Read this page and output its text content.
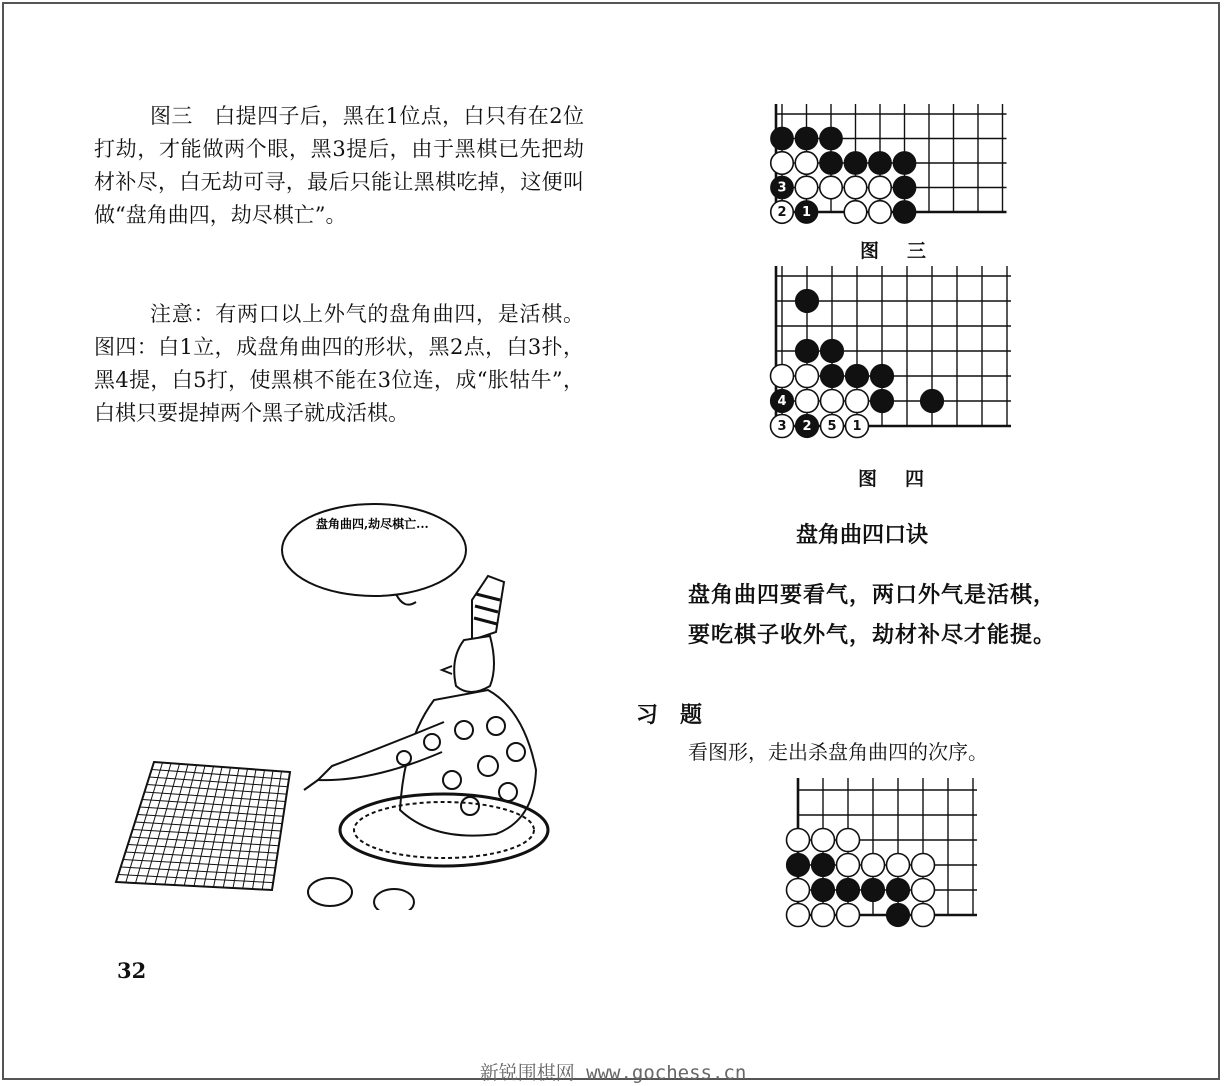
图三　白提四子后，黑在1位点，白只有在2位打劫，才能做两个眼，黑3提后，由于黑棋已先把劫材补尽，白无劫可寻，最后只能让黑棋吃掉，这便叫做“盘角曲四，劫尽棋亡”。

注意：有两口以上外气的盘角曲四，是活棋。图四：白1立，成盘角曲四的形状，黑2点，白3扑，黑4提，白5打，使黑棋不能在3位连，成“胀牯牛”，白棋只要提掉两个黑子就成活棋。

盘角曲四,劫尽棋亡...
3
2 1
图三
4
3 2 5 1
图四
盘角曲四口诀
盘角曲四要看气，两口外气是活棋，
要吃棋子收外气，劫材补尽才能提。
习题
看图形，走出杀盘角曲四的次序。
32
新锐围棋网 www.gochess.cn
